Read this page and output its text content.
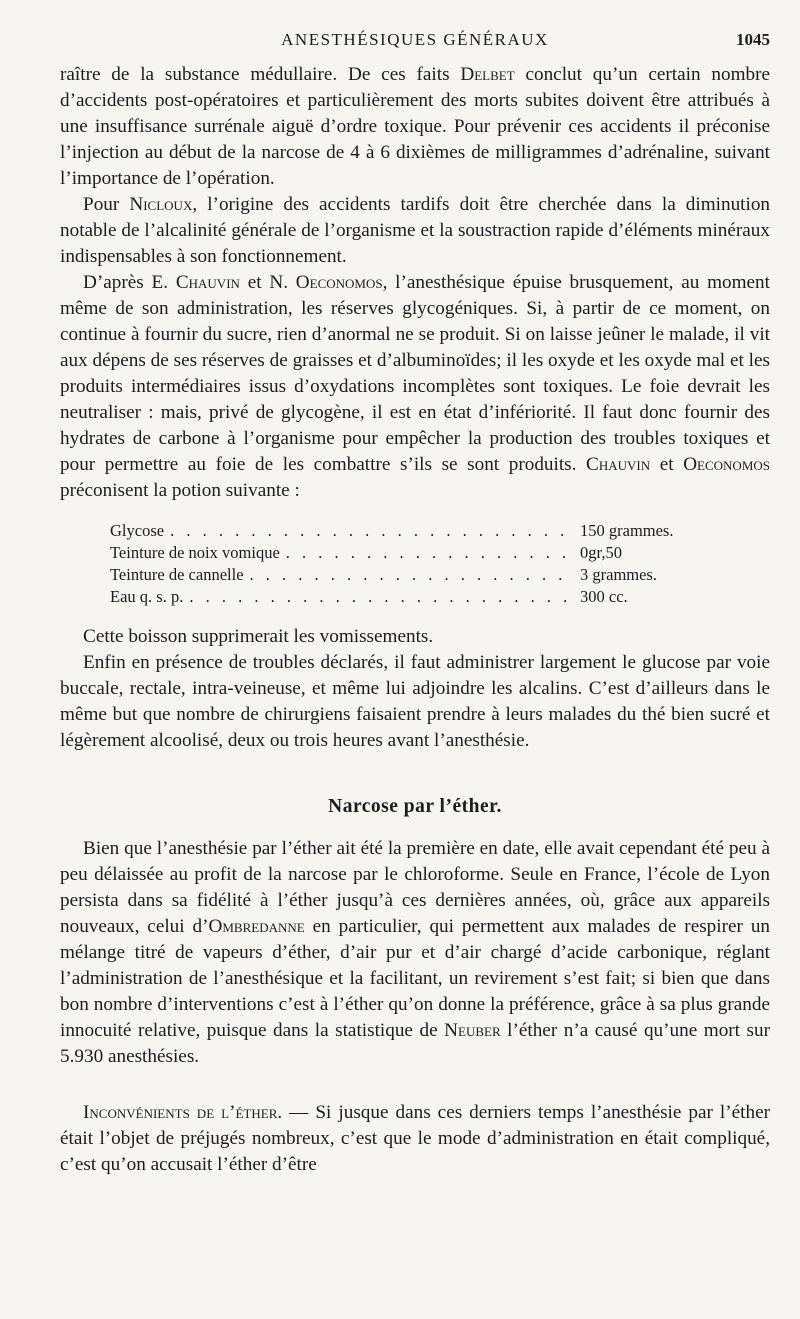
ANESTHÉSIQUES GÉNÉRAUX	1045

raître de la substance médullaire. De ces faits Delbet conclut qu’un certain nombre d’accidents post-opératoires et particulièrement des morts subites doivent être attribués à une insuffisance surrénale aiguë d’ordre toxique. Pour prévenir ces accidents il préconise l’injection au début de la narcose de 4 à 6 dixièmes de milligrammes d’adrénaline, suivant l’importance de l’opération.

Pour Nicloux, l’origine des accidents tardifs doit être cherchée dans la diminution notable de l’alcalinité générale de l’organisme et la soustraction rapide d’éléments minéraux indispensables à son fonctionnement.

D’après E. Chauvin et N. Oeconomos, l’anesthésique épuise brusquement, au moment même de son administration, les réserves glycogéniques. Si, à partir de ce moment, on continue à fournir du sucre, rien d’anormal ne se produit. Si on laisse jeûner le malade, il vit aux dépens de ses réserves de graisses et d’albuminoïdes; il les oxyde et les oxyde mal et les produits intermédiaires issus d’oxydations incomplètes sont toxiques. Le foie devrait les neutraliser : mais, privé de glycogène, il est en état d’infériorité. Il faut donc fournir des hydrates de carbone à l’organisme pour empêcher la production des troubles toxiques et pour permettre au foie de les combattre s’ils se sont produits. Chauvin et Oeconomos préconisent la potion suivante :

Glycose . . .	150 grammes.
Teinture de noix vomique . . .	0gr,50
Teinture de cannelle . . .	3 grammes.
Eau q. s. p. . . .	300 cc.

Cette boisson supprimerait les vomissements.

Enfin en présence de troubles déclarés, il faut administrer largement le glucose par voie buccale, rectale, intra-veineuse, et même lui adjoindre les alcalins. C’est d’ailleurs dans le même but que nombre de chirurgiens faisaient prendre à leurs malades du thé bien sucré et légèrement alcoolisé, deux ou trois heures avant l’anesthésie.

Narcose par l’éther.

Bien que l’anesthésie par l’éther ait été la première en date, elle avait cependant été peu à peu délaissée au profit de la narcose par le chloroforme. Seule en France, l’école de Lyon persista dans sa fidélité à l’éther jusqu’à ces dernières années, où, grâce aux appareils nouveaux, celui d’Ombredanne en particulier, qui permettent aux malades de respirer un mélange titré de vapeurs d’éther, d’air pur et d’air chargé d’acide carbonique, réglant l’administration de l’anesthésique et la facilitant, un revirement s’est fait; si bien que dans bon nombre d’interventions c’est à l’éther qu’on donne la préférence, grâce à sa plus grande innocuité relative, puisque dans la statistique de Neuber l’éther n’a causé qu’une mort sur 5.930 anesthésies.

Inconvénients de l’éther. — Si jusque dans ces derniers temps l’anesthésie par l’éther était l’objet de préjugés nombreux, c’est que le mode d’administration en était compliqué, c’est qu’on accusait l’éther d’être
